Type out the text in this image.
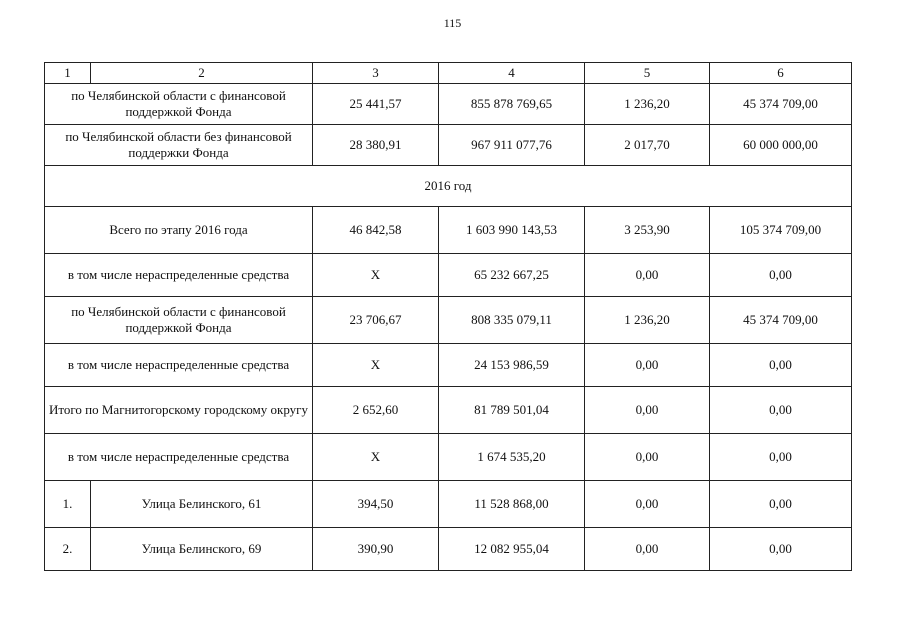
115
1	2	3	4	5	6
по Челябинской области с финансовой поддержкой Фонда		25 441,57	855 878 769,65	1 236,20	45 374 709,00
по Челябинской области без финансовой поддержки Фонда		28 380,91	967 911 077,76	2 017,70	60 000 000,00
2016 год					
Всего по этапу 2016 года		46 842,58	1 603 990 143,53	3 253,90	105 374 709,00
в том числе нераспределенные средства		Х	65 232 667,25	0,00	0,00
по Челябинской области с финансовой поддержкой Фонда		23 706,67	808 335 079,11	1 236,20	45 374 709,00
в том числе нераспределенные средства		Х	24 153 986,59	0,00	0,00
Итого по Магнитогорскому городскому округу		2 652,60	81 789 501,04	0,00	0,00
в том числе нераспределенные средства		Х	1 674 535,20	0,00	0,00
1.	Улица Белинского, 61	394,50	11 528 868,00	0,00	0,00
2.	Улица Белинского, 69	390,90	12 082 955,04	0,00	0,00
